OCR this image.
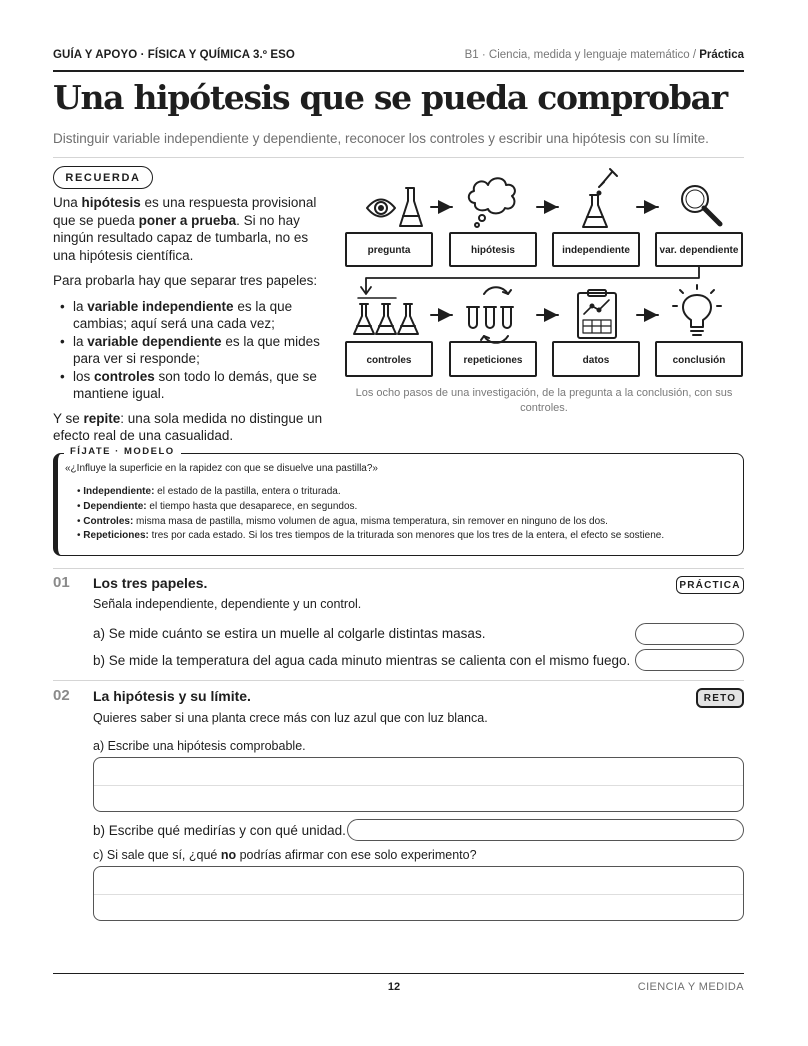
GUÍA Y APOYO · FÍSICA Y QUÍMICA 3.º ESO	B1 · Ciencia, medida y lenguaje matemático / Práctica
Una hipótesis que se pueda comprobar
Distinguir variable independiente y dependiente, reconocer los controles y escribir una hipótesis con su límite.
RECUERDA

Una hipótesis es una respuesta provisional que se pueda poner a prueba. Si no hay ningún resultado capaz de tumbarla, no es una hipótesis científica.

Para probarla hay que separar tres papeles:

• la variable independiente es la que cambias; aquí será una cada vez;
• la variable dependiente es la que mides para ver si responde;
• los controles son todo lo demás, que se mantiene igual.

Y se repite: una sola medida no distingue un efecto real de una casualidad.

pregunta	hipótesis	independiente	var. dependiente
controles	repeticiones	datos	conclusión
Los ocho pasos de una investigación, de la pregunta a la conclusión, con sus controles.
FÍJATE · MODELO
«¿Influye la superficie en la rapidez con que se disuelve una pastilla?»
• Independiente: el estado de la pastilla, entera o triturada.
• Dependiente: el tiempo hasta que desaparece, en segundos.
• Controles: misma masa de pastilla, mismo volumen de agua, misma temperatura, sin remover en ninguno de los dos.
• Repeticiones: tres por cada estado. Si los tres tiempos de la triturada son menores que los tres de la entera, el efecto se sostiene.
01 Los tres papeles.	PRÁCTICA
Señala independiente, dependiente y un control.
a) Se mide cuánto se estira un muelle al colgarle distintas masas.
b) Se mide la temperatura del agua cada minuto mientras se calienta con el mismo fuego.
02 La hipótesis y su límite.	RETO
Quieres saber si una planta crece más con luz azul que con luz blanca.
a) Escribe una hipótesis comprobable.
b) Escribe qué medirías y con qué unidad.
c) Si sale que sí, ¿qué no podrías afirmar con ese solo experimento?
12	CIENCIA Y MEDIDA
